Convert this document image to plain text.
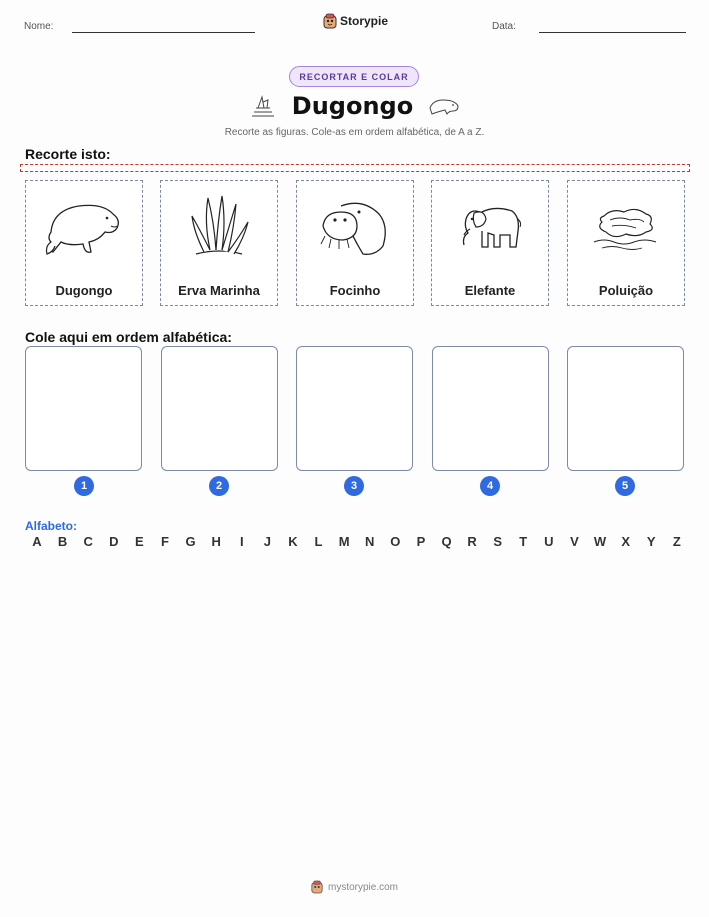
Nome:	Storypie	Data:
RECORTAR E COLAR
Dugongo
Recorte as figuras. Cole-as em ordem alfabética, de A a Z.
Recorte isto:
Dugongo	Erva Marinha	Focinho	Elefante	Poluição
Cole aqui em ordem alfabética:
1	2	3	4	5
Alfabeto:
A	B	C	D	E	F	G	H	I	J	K	L	M	N	O	P	Q	R	S	T	U	V	W	X	Y	Z
mystorypie.com
